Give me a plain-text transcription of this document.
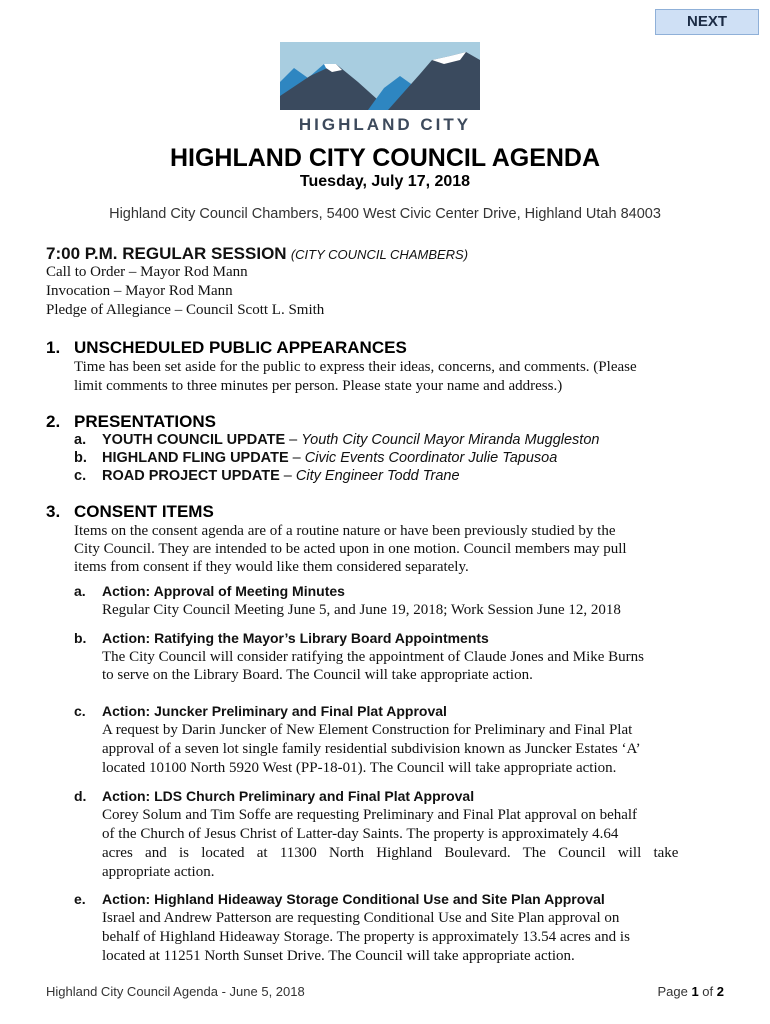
NEXT
HIGHLAND CITY
HIGHLAND CITY COUNCIL AGENDA
Tuesday, July 17, 2018
Highland City Council Chambers, 5400 West Civic Center Drive, Highland Utah 84003
7:00 P.M. REGULAR SESSION (CITY COUNCIL CHAMBERS)
Call to Order – Mayor Rod Mann
Invocation – Mayor Rod Mann
Pledge of Allegiance – Council Scott L. Smith
1. UNSCHEDULED PUBLIC APPEARANCES
Time has been set aside for the public to express their ideas, concerns, and comments. (Please
limit comments to three minutes per person. Please state your name and address.)
2. PRESENTATIONS
a. YOUTH COUNCIL UPDATE – Youth City Council Mayor Miranda Muggleston
b. HIGHLAND FLING UPDATE – Civic Events Coordinator Julie Tapusoa
c. ROAD PROJECT UPDATE – City Engineer Todd Trane
3. CONSENT ITEMS
Items on the consent agenda are of a routine nature or have been previously studied by the
City Council. They are intended to be acted upon in one motion. Council members may pull
items from consent if they would like them considered separately.
a. Action: Approval of Meeting Minutes
Regular City Council Meeting June 5, and June 19, 2018; Work Session June 12, 2018
b. Action: Ratifying the Mayor’s Library Board Appointments
The City Council will consider ratifying the appointment of Claude Jones and Mike Burns
to serve on the Library Board. The Council will take appropriate action.
c. Action: Juncker Preliminary and Final Plat Approval
A request by Darin Juncker of New Element Construction for Preliminary and Final Plat
approval of a seven lot single family residential subdivision known as Juncker Estates ‘A’
located 10100 North 5920 West (PP-18-01). The Council will take appropriate action.
d. Action: LDS Church Preliminary and Final Plat Approval
Corey Solum and Tim Soffe are requesting Preliminary and Final Plat approval on behalf
of the Church of Jesus Christ of Latter-day Saints. The property is approximately 4.64
acres and is located at 11300 North Highland Boulevard. The Council will take
appropriate action.
e. Action: Highland Hideaway Storage Conditional Use and Site Plan Approval
Israel and Andrew Patterson are requesting Conditional Use and Site Plan approval on
behalf of Highland Hideaway Storage. The property is approximately 13.54 acres and is
located at 11251 North Sunset Drive. The Council will take appropriate action.
Highland City Council Agenda - June 5, 2018	Page 1 of 2
